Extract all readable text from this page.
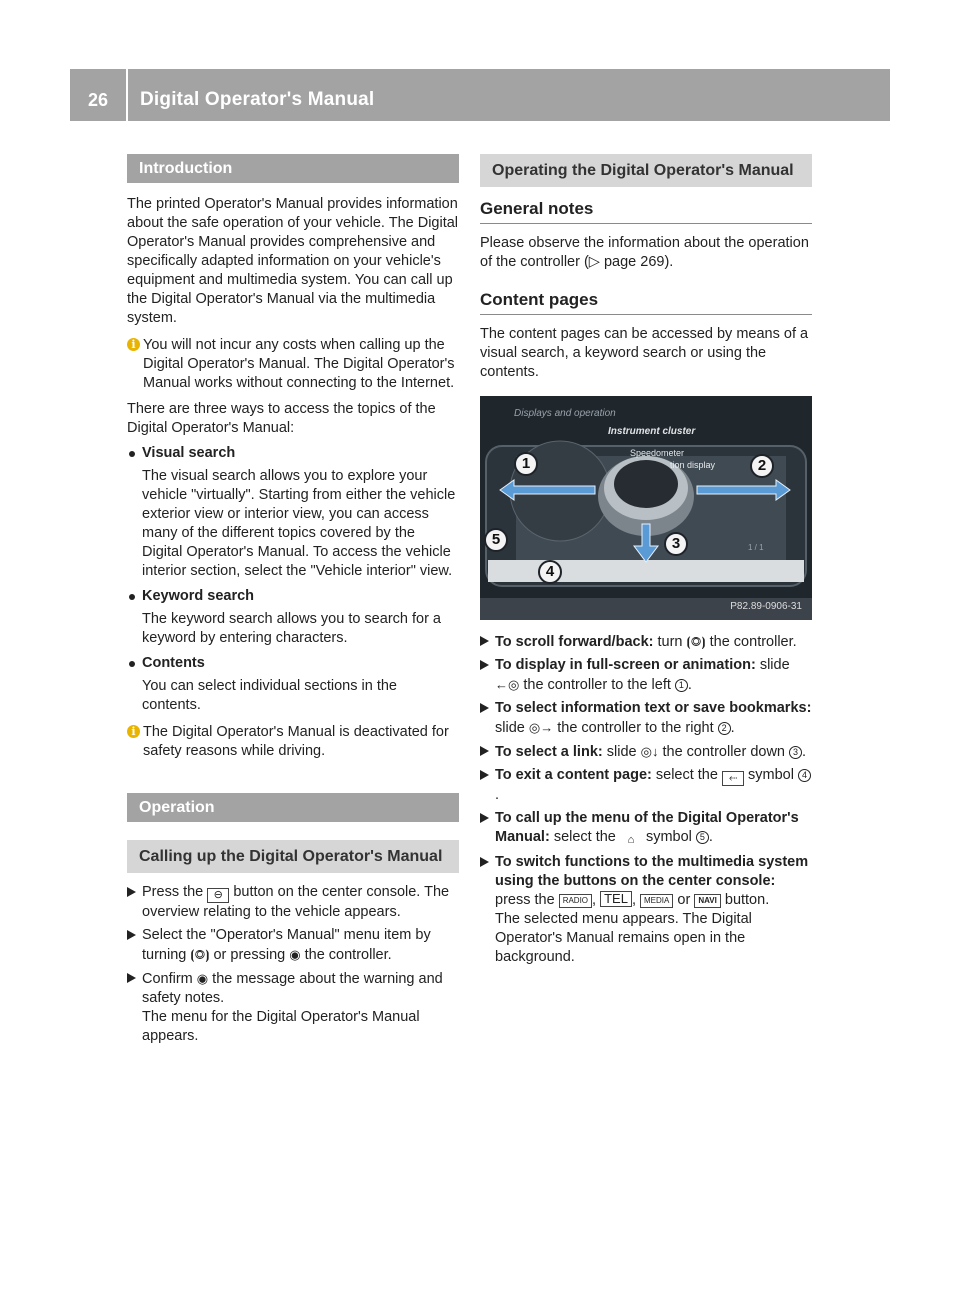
26	Digital Operator's Manual
Introduction

The printed Operator's Manual provides information about the safe operation of your vehicle. The Digital Operator's Manual provides comprehensive and specifically adapted information on your vehicle's equipment and multimedia system. You can call up the Digital Operator's Manual via the multimedia system.

i You will not incur any costs when calling up the Digital Operator's Manual. The Digital Operator's Manual works without connecting to the Internet.

There are three ways to access the topics of the Digital Operator's Manual:

Visual search
The visual search allows you to explore your vehicle "virtually". Starting from either the vehicle exterior view or interior view, you can access many of the different topics covered by the Digital Operator's Manual. To access the vehicle interior section, select the "Vehicle interior" view.
Keyword search
The keyword search allows you to search for a keyword by entering characters.
Contents
You can select individual sections in the contents.
i The Digital Operator's Manual is deactivated for safety reasons while driving.
Operation
Calling up the Digital Operator's Manual
Press the ⊖ button on the center console. The overview relating to the vehicle appears.
Select the "Operator's Manual" menu item by turning ⦗◎⦘ or pressing ◉ the controller.
Confirm ◉ the message about the warning and safety notes.
The menu for the Digital Operator's Manual appears.
Operating the Digital Operator's Manual
General notes

Please observe the information about the operation of the controller (▷ page 269).

Content pages

The content pages can be accessed by means of a visual search, a keyword search or using the contents.

Displays and operation
Instrument cluster
Speedometer
tion display
1 / 1
1	2
3
4
5
P82.89-0906-31
To scroll forward/back: turn ⦗◎⦘ the controller.
To display in full-screen or animation: slide ←◎ the controller to the left 1 .
To select information text or save bookmarks: slide ◎→ the controller to the right 2 .
To select a link: slide ◎↓ the controller down 3 .
To exit a content page: select the ⬸ symbol 4.
To call up the menu of the Digital Operator's Manual: select the ⌂ symbol 5 .
To switch functions to the multimedia system using the buttons on the center console: press the RADIO , TEL , MEDIA or NAVI button.
The selected menu appears. The Digital Operator's Manual remains open in the background.
